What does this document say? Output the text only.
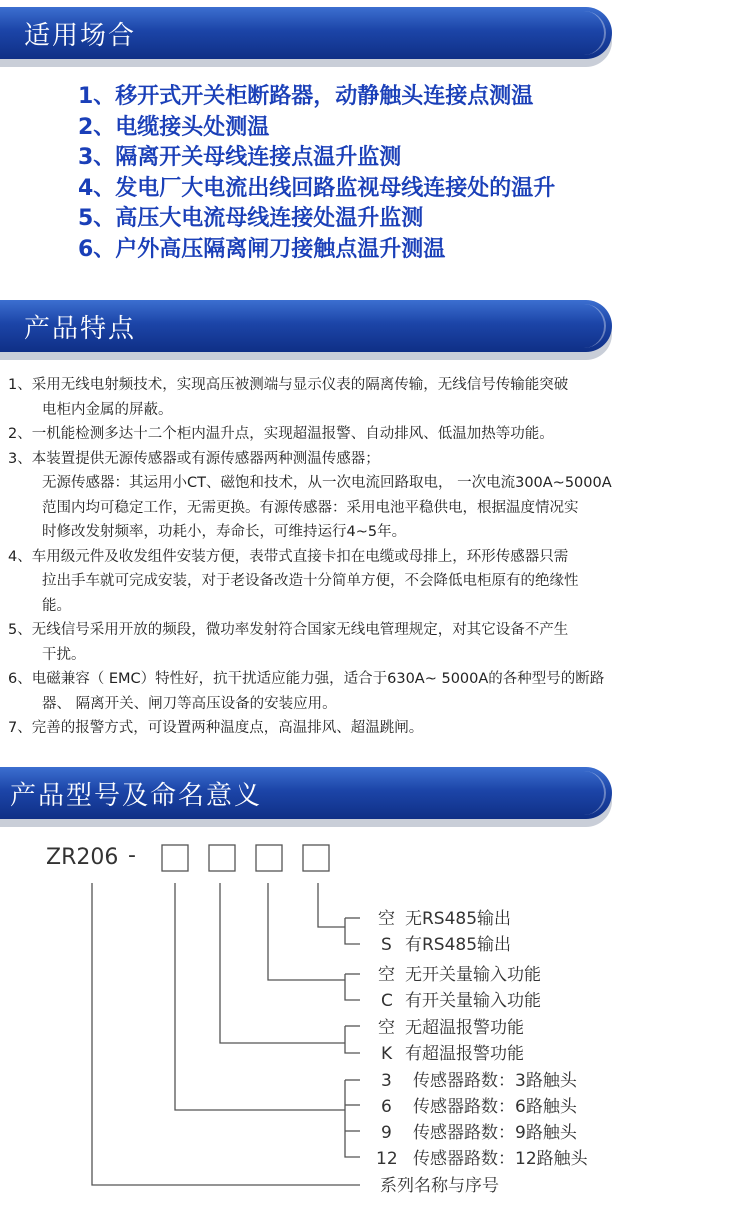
适用场合
1、移开式开关柜断路器，动静触头连接点测温
2、电缆接头处测温
3、隔离开关母线连接点温升监测
4、发电厂大电流出线回路监视母线连接处的温升
5、高压大电流母线连接处温升监测
6、户外高压隔离闸刀接触点温升测温
产品特点
1、采用无线电射频技术，实现高压被测端与显示仪表的隔离传输，无线信号传输能突破
电柜内金属的屏蔽。
2、一机能检测多达十二个柜内温升点，实现超温报警、自动排风、低温加热等功能。
3、本装置提供无源传感器或有源传感器两种测温传感器；
无源传感器：其运用小CT、磁饱和技术，从一次电流回路取电， 一次电流300A~5000A
范围内均可稳定工作，无需更换。有源传感器：采用电池平稳供电，根据温度情况实
时修改发射频率，功耗小，寿命长，可维持运行4~5年。
4、车用级元件及收发组件安装方便，表带式直接卡扣在电缆或母排上，环形传感器只需
拉出手车就可完成安装，对于老设备改造十分简单方便，不会降低电柜原有的绝缘性
能。
5、无线信号采用开放的频段，微功率发射符合国家无线电管理规定，对其它设备不产生
干扰。
6、电磁兼容（ EMC）特性好，抗干扰适应能力强，适合于630A~ 5000A的各种型号的断路
器、 隔离开关、闸刀等高压设备的安装应用。
7、完善的报警方式，可设置两种温度点，高温排风、超温跳闸。
产品型号及命名意义
ZR206 -
空 无RS485输出
S 有RS485输出
空 无开关量输入功能
C 有开关量输入功能
空 无超温报警功能
K 有超温报警功能
3 传感器路数：3路触头
6 传感器路数：6路触头
9 传感器路数：9路触头
12 传感器路数：12路触头
系列名称与序号
